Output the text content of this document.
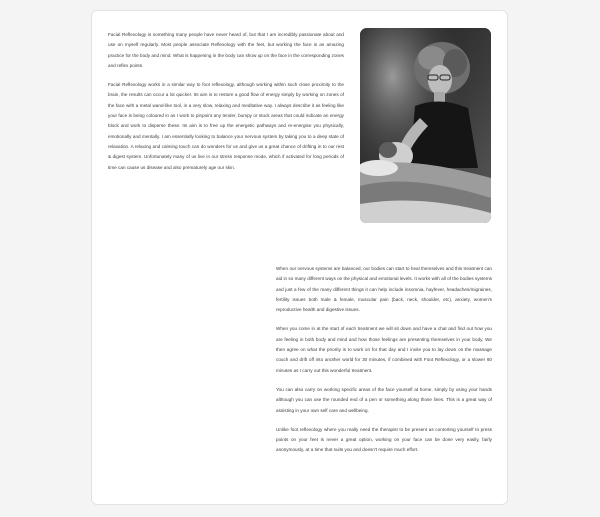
Facial Reflexology is something many people have never heard of, but that I am incredibly passionate about and use on myself regularly. Most people associate Reflexology with the feet, but working the face is an amazing practice for the body and mind. What is happening in the body can show up on the face in the corresponding zones and reflex points.

Facial Reflexology works in a similar way to foot reflexology, although working within such close proximity to the brain, the results can occur a lot quicker. Its aim is to restore a good flow of energy simply by working on zones of the face with a metal wand-like tool, in a very slow, relaxing and meditative way. I always describe it as feeling like your face is being coloured in as I work to pinpoint any tender, bumpy or stuck areas that could indicate an energy block and work to disperse these. Its aim is to free up the energetic pathways and re-energise you physically, emotionally and mentally. I am essentially looking to balance your nervous system by taking you to a deep state of relaxation. A relaxing and calming touch can do wonders for us and give us a great chance of drifting in to our rest & digest system. Unfortunately many of us live in our stress response mode, which if activated for long periods of time can cause us disease and also prematurely age our skin.

When our nervous systems are balanced, our bodies can start to heal themselves and this treatment can aid in so many different ways on the physical and emotional levels. It works with all of the bodies systems and just a few of the many different things it can help include insomnia, hayfever, headaches/migraines, fertility issues both male & female, muscular pain (back, neck, shoulder, etc), anxiety, women's reproductive health and digestive issues.

When you come in at the start of each treatment we will sit down and have a chat and find out how you are feeling in both body and mind and how those feelings are presenting themselves in your body. We then agree on what the priority is to work on for that day and I invite you to lay down on the massage couch and drift off into another world for 30 minutes, if combined with Foot Reflexology, or a slower 60 minutes as I carry out this wonderful treatment.

You can also carry on working specific areas of the face yourself at home, simply by using your hands although you can use the rounded end of a pen or something along those lines. This is a great way of assisting in your own self care and wellbeing.

Unlike foot reflexology where you really need the therapist to be present as contorting yourself to press points on your feet is never a great option, working on your face can be done very easily, fairly anonymously, at a time that suits you and doesn't require much effort.
